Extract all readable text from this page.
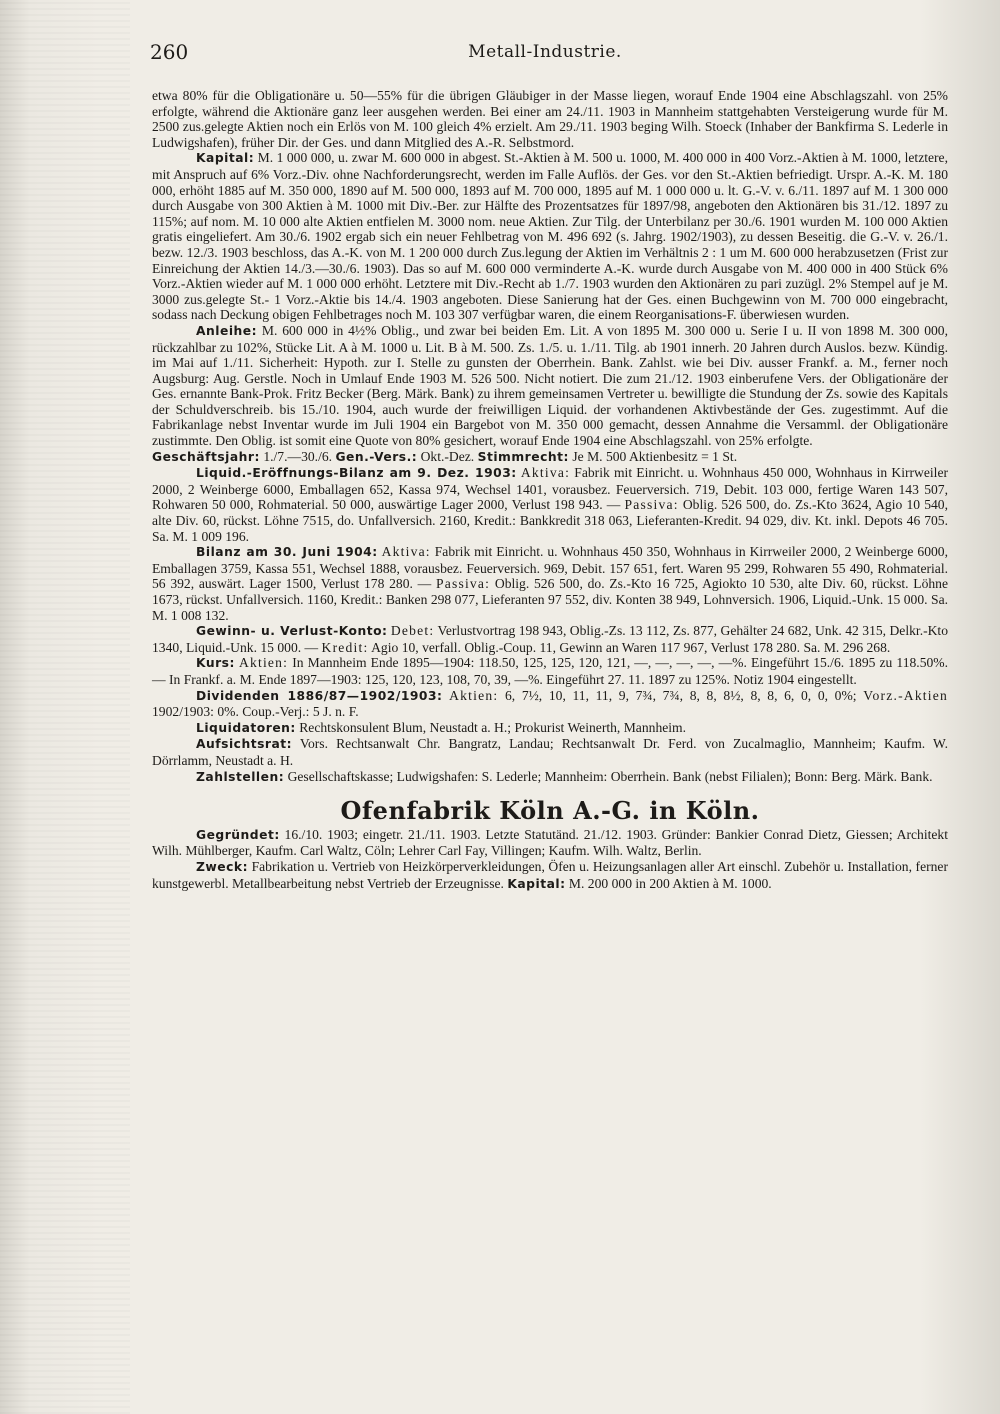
260	Metall-Industrie.

etwa 80% für die Obligationäre u. 50—55% für die übrigen Gläubiger in der Masse liegen, worauf Ende 1904 eine Abschlagszahl. von 25% erfolgte, während die Aktionäre ganz leer ausgehen werden. Bei einer am 24./11. 1903 in Mannheim stattgehabten Versteigerung wurde für M. 2500 zus.gelegte Aktien noch ein Erlös von M. 100 gleich 4% erzielt. Am 29./11. 1903 beging Wilh. Stoeck (Inhaber der Bankfirma S. Lederle in Ludwigshafen), früher Dir. der Ges. und dann Mitglied des A.-R. Selbstmord.

Kapital: M. 1 000 000, u. zwar M. 600 000 in abgest. St.-Aktien à M. 500 u. 1000, M. 400 000 in 400 Vorz.-Aktien à M. 1000, letztere, mit Anspruch auf 6% Vorz.-Div. ohne Nachforderungsrecht, werden im Falle Auflös. der Ges. vor den St.-Aktien befriedigt. Urspr. A.-K. M. 180 000, erhöht 1885 auf M. 350 000, 1890 auf M. 500 000, 1893 auf M. 700 000, 1895 auf M. 1 000 000 u. lt. G.-V. v. 6./11. 1897 auf M. 1 300 000 durch Ausgabe von 300 Aktien à M. 1000 mit Div.-Ber. zur Hälfte des Prozentsatzes für 1897/98, angeboten den Aktionären bis 31./12. 1897 zu 115%; auf nom. M. 10 000 alte Aktien entfielen M. 3000 nom. neue Aktien. Zur Tilg. der Unterbilanz per 30./6. 1901 wurden M. 100 000 Aktien gratis eingeliefert. Am 30./6. 1902 ergab sich ein neuer Fehlbetrag von M. 496 692 (s. Jahrg. 1902/1903), zu dessen Beseitig. die G.-V. v. 26./1. bezw. 12./3. 1903 beschloss, das A.-K. von M. 1 200 000 durch Zus.legung der Aktien im Verhältnis 2 : 1 um M. 600 000 herabzusetzen (Frist zur Einreichung der Aktien 14./3.—30./6. 1903). Das so auf M. 600 000 verminderte A.-K. wurde durch Ausgabe von M. 400 000 in 400 Stück 6% Vorz.-Aktien wieder auf M. 1 000 000 erhöht. Letztere mit Div.-Recht ab 1./7. 1903 wurden den Aktionären zu pari zuzügl. 2% Stempel auf je M. 3000 zus.gelegte St.- 1 Vorz.-Aktie bis 14./4. 1903 angeboten. Diese Sanierung hat der Ges. einen Buchgewinn von M. 700 000 eingebracht, sodass nach Deckung obigen Fehlbetrages noch M. 103 307 verfügbar waren, die einem Reorganisations-F. überwiesen wurden.

Anleihe: M. 600 000 in 4½% Oblig., und zwar bei beiden Em. Lit. A von 1895 M. 300 000 u. Serie I u. II von 1898 M. 300 000, rückzahlbar zu 102%, Stücke Lit. A à M. 1000 u. Lit. B à M. 500. Zs. 1./5. u. 1./11. Tilg. ab 1901 innerh. 20 Jahren durch Auslos. bezw. Kündig. im Mai auf 1./11. Sicherheit: Hypoth. zur I. Stelle zu gunsten der Oberrhein. Bank. Zahlst. wie bei Div. ausser Frankf. a. M., ferner noch Augsburg: Aug. Gerstle. Noch in Umlauf Ende 1903 M. 526 500. Nicht notiert. Die zum 21./12. 1903 einberufene Vers. der Obligationäre der Ges. ernannte Bank-Prok. Fritz Becker (Berg. Märk. Bank) zu ihrem gemeinsamen Vertreter u. bewilligte die Stundung der Zs. sowie des Kapitals der Schuldverschreib. bis 15./10. 1904, auch wurde der freiwilligen Liquid. der vorhandenen Aktivbestände der Ges. zugestimmt. Auf die Fabrikanlage nebst Inventar wurde im Juli 1904 ein Bargebot von M. 350 000 gemacht, dessen Annahme die Versamml. der Obligationäre zustimmte. Den Oblig. ist somit eine Quote von 80% gesichert, worauf Ende 1904 eine Abschlagszahl. von 25% erfolgte.

Geschäftsjahr: 1./7.—30./6. Gen.-Vers.: Okt.-Dez. Stimmrecht: Je M. 500 Aktienbesitz = 1 St.

Liquid.-Eröffnungs-Bilanz am 9. Dez. 1903: Aktiva: Fabrik mit Einricht. u. Wohnhaus 450 000, Wohnhaus in Kirrweiler 2000, 2 Weinberge 6000, Emballagen 652, Kassa 974, Wechsel 1401, vorausbez. Feuerversich. 719, Debit. 103 000, fertige Waren 143 507, Rohwaren 50 000, Rohmaterial. 50 000, auswärtige Lager 2000, Verlust 198 943. — Passiva: Oblig. 526 500, do. Zs.-Kto 3624, Agio 10 540, alte Div. 60, rückst. Löhne 7515, do. Unfallversich. 2160, Kredit.: Bankkredit 318 063, Lieferanten-Kredit. 94 029, div. Kt. inkl. Depots 46 705. Sa. M. 1 009 196.

Bilanz am 30. Juni 1904: Aktiva: Fabrik mit Einricht. u. Wohnhaus 450 350, Wohnhaus in Kirrweiler 2000, 2 Weinberge 6000, Emballagen 3759, Kassa 551, Wechsel 1888, vorausbez. Feuerversich. 969, Debit. 157 651, fert. Waren 95 299, Rohwaren 55 490, Rohmaterial. 56 392, auswärt. Lager 1500, Verlust 178 280. — Passiva: Oblig. 526 500, do. Zs.-Kto 16 725, Agiokto 10 530, alte Div. 60, rückst. Löhne 1673, rückst. Unfallversich. 1160, Kredit.: Banken 298 077, Lieferanten 97 552, div. Konten 38 949, Lohnversich. 1906, Liquid.-Unk. 15 000. Sa. M. 1 008 132.

Gewinn- u. Verlust-Konto: Debet: Verlustvortrag 198 943, Oblig.-Zs. 13 112, Zs. 877, Gehälter 24 682, Unk. 42 315, Delkr.-Kto 1340, Liquid.-Unk. 15 000. — Kredit: Agio 10, verfall. Oblig.-Coup. 11, Gewinn an Waren 117 967, Verlust 178 280. Sa. M. 296 268.

Kurs: Aktien: In Mannheim Ende 1895—1904: 118.50, 125, 125, 120, 121, —, —, —, —, —%. Eingeführt 15./6. 1895 zu 118.50%. — In Frankf. a. M. Ende 1897—1903: 125, 120, 123, 108, 70, 39, —%. Eingeführt 27. 11. 1897 zu 125%. Notiz 1904 eingestellt.

Dividenden 1886/87—1902/1903: Aktien: 6, 7½, 10, 11, 11, 9, 7¾, 7¾, 8, 8, 8½, 8, 8, 6, 0, 0, 0%; Vorz.-Aktien 1902/1903: 0%. Coup.-Verj.: 5 J. n. F.

Liquidatoren: Rechtskonsulent Blum, Neustadt a. H.; Prokurist Weinerth, Mannheim.

Aufsichtsrat: Vors. Rechtsanwalt Chr. Bangratz, Landau; Rechtsanwalt Dr. Ferd. von Zucalmaglio, Mannheim; Kaufm. W. Dörrlamm, Neustadt a. H.

Zahlstellen: Gesellschaftskasse; Ludwigshafen: S. Lederle; Mannheim: Oberrhein. Bank (nebst Filialen); Bonn: Berg. Märk. Bank.

Ofenfabrik Köln A.-G. in Köln.

Gegründet: 16./10. 1903; eingetr. 21./11. 1903. Letzte Statutänd. 21./12. 1903. Gründer: Bankier Conrad Dietz, Giessen; Architekt Wilh. Mühlberger, Kaufm. Carl Waltz, Cöln; Lehrer Carl Fay, Villingen; Kaufm. Wilh. Waltz, Berlin.

Zweck: Fabrikation u. Vertrieb von Heizkörperverkleidungen, Öfen u. Heizungsanlagen aller Art einschl. Zubehör u. Installation, ferner kunstgewerbl. Metallbearbeitung nebst Vertrieb der Erzeugnisse. Kapital: M. 200 000 in 200 Aktien à M. 1000.
